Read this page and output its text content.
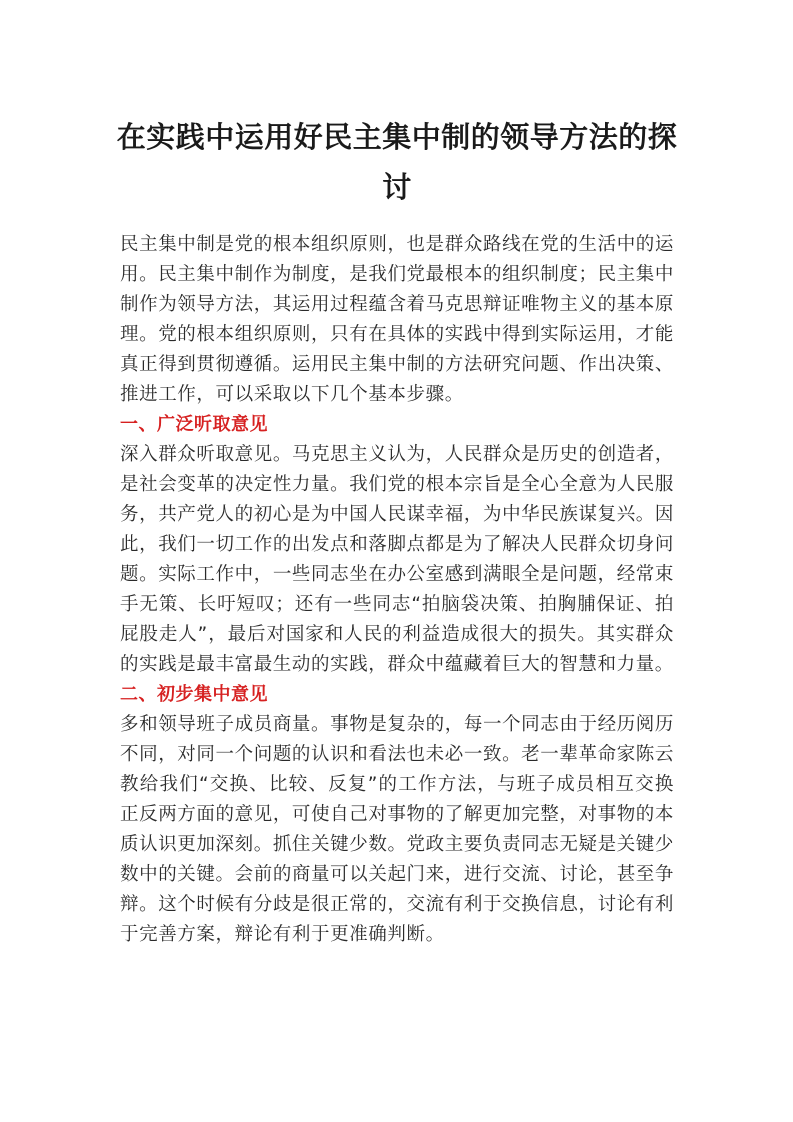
在实践中运用好民主集中制的领导方法的探讨

民主集中制是党的根本组织原则，也是群众路线在党的生活中的运用。民主集中制作为制度，是我们党最根本的组织制度；民主集中制作为领导方法，其运用过程蕴含着马克思辩证唯物主义的基本原理。党的根本组织原则，只有在具体的实践中得到实际运用，才能真正得到贯彻遵循。运用民主集中制的方法研究问题、作出决策、推进工作，可以采取以下几个基本步骤。

一、广泛听取意见

深入群众听取意见。马克思主义认为，人民群众是历史的创造者，是社会变革的决定性力量。我们党的根本宗旨是全心全意为人民服务，共产党人的初心是为中国人民谋幸福，为中华民族谋复兴。因此，我们一切工作的出发点和落脚点都是为了解决人民群众切身问题。实际工作中，一些同志坐在办公室感到满眼全是问题，经常束手无策、长吁短叹；还有一些同志“拍脑袋决策、拍胸脯保证、拍屁股走人”，最后对国家和人民的利益造成很大的损失。其实群众的实践是最丰富最生动的实践，群众中蕴藏着巨大的智慧和力量。

二、初步集中意见

多和领导班子成员商量。事物是复杂的，每一个同志由于经历阅历不同，对同一个问题的认识和看法也未必一致。老一辈革命家陈云教给我们“交换、比较、反复”的工作方法，与班子成员相互交换正反两方面的意见，可使自己对事物的了解更加完整，对事物的本质认识更加深刻。抓住关键少数。党政主要负责同志无疑是关键少数中的关键。会前的商量可以关起门来，进行交流、讨论，甚至争辩。这个时候有分歧是很正常的，交流有利于交换信息，讨论有利于完善方案，辩论有利于更准确判断。
